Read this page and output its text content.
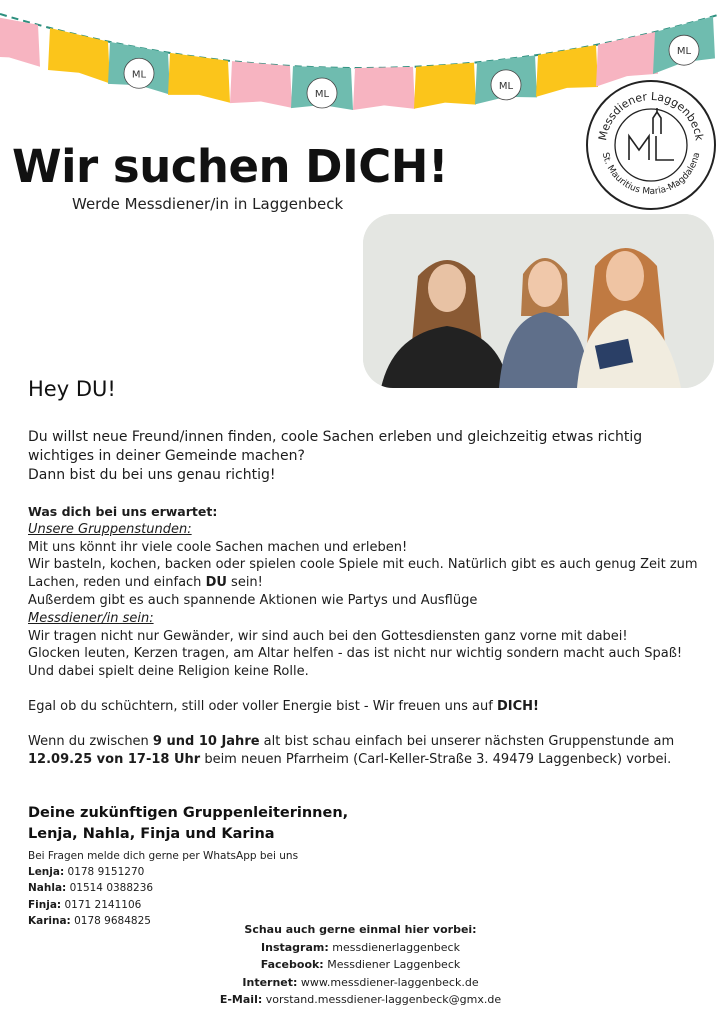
ML
ML
ML
ML
Messdiener Laggenbeck
St. Mauritius Maria-Magdalena
Wir suchen DICH!
Werde Messdiener/in in Laggenbeck
Hey DU!

Du willst neue Freund/innen finden, coole Sachen erleben und gleichzeitig etwas richtig wichtiges in deiner Gemeinde machen?

Dann bist du bei uns genau richtig!

Was dich bei uns erwartet:

Unsere Gruppenstunden:

Mit uns könnt ihr viele coole Sachen machen und erleben!

Wir basteln, kochen, backen oder spielen coole Spiele mit euch. Natürlich gibt es auch genug Zeit zum Lachen, reden und einfach DU sein!

Außerdem gibt es auch spannende Aktionen wie Partys und Ausflüge

Messdiener/in sein:

Wir tragen nicht nur Gewänder, wir sind auch bei den Gottesdiensten ganz vorne mit dabei!

Glocken leuten, Kerzen tragen, am Altar helfen - das ist nicht nur wichtig sondern macht auch Spaß!

Und dabei spielt deine Religion keine Rolle.

Egal ob du schüchtern, still oder voller Energie bist - Wir freuen uns auf DICH!

Wenn du zwischen 9 und 10 Jahre alt bist schau einfach bei unserer nächsten Gruppenstunde am 12.09.25 von 17-18 Uhr beim neuen Pfarrheim (Carl-Keller-Straße 3. 49479 Laggenbeck) vorbei.

Deine zukünftigen Gruppenleiterinnen,
Lenja, Nahla, Finja und Karina
Bei Fragen melde dich gerne per WhatsApp bei uns
Lenja: 0178 9151270
Nahla: 01514 0388236
Finja: 0171 2141106
Karina: 0178 9684825
Schau auch gerne einmal hier vorbei:
Instagram: messdienerlaggenbeck
Facebook: Messdiener Laggenbeck
Internet: www.messdiener-laggenbeck.de
E-Mail: vorstand.messdiener-laggenbeck@gmx.de
